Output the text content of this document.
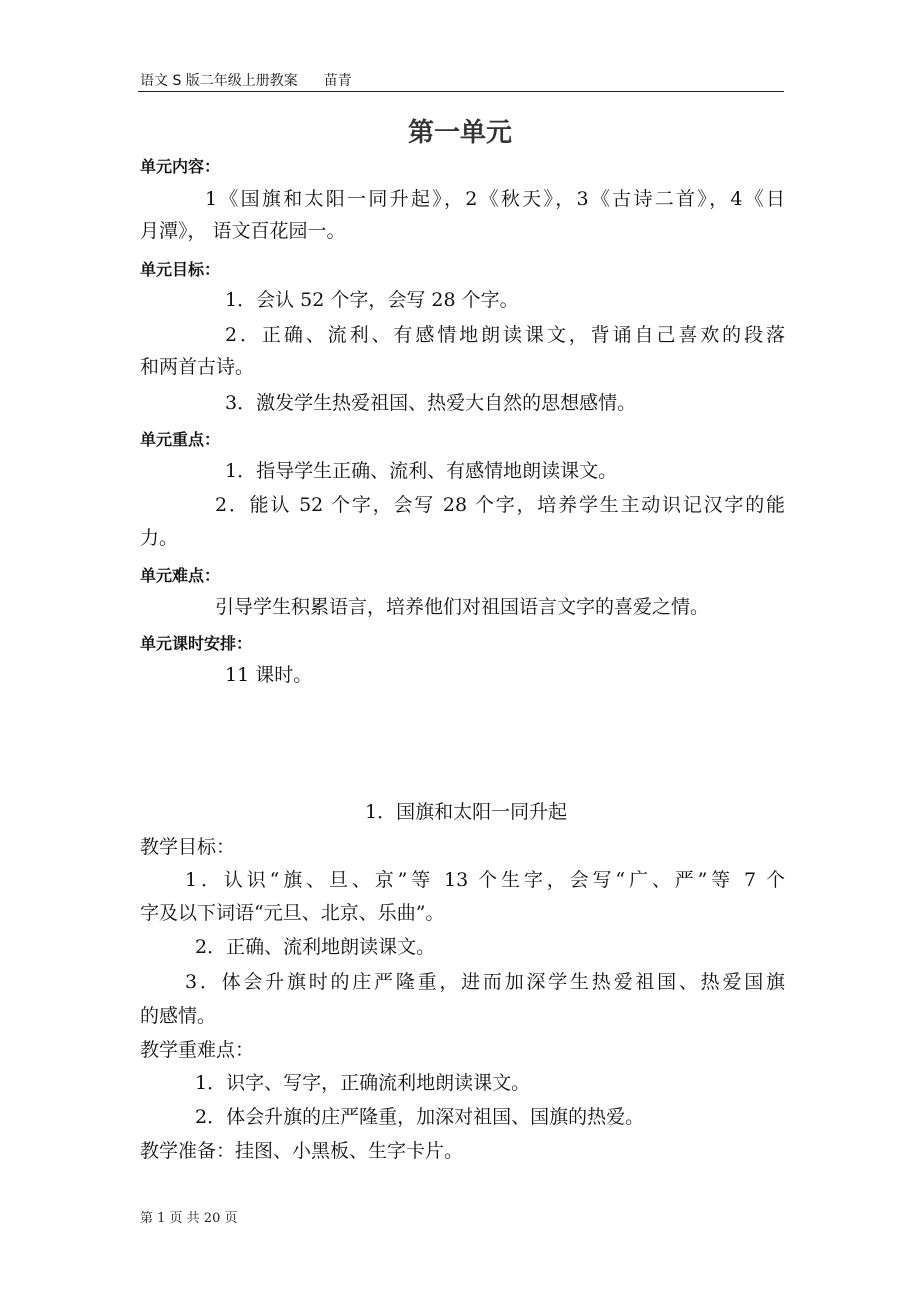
语文 S 版二年级上册教案 苗青
第一单元
单元内容：
1《国旗和太阳一同升起》，2《秋天》，3《古诗二首》，4《日
月潭》， 语文百花园一。
单元目标：
1．会认 52 个字，会写 28 个字。
2．正确、流利、有感情地朗读课文，背诵自己喜欢的段落
和两首古诗。
3．激发学生热爱祖国、热爱大自然的思想感情。
单元重点：
1．指导学生正确、流利、有感情地朗读课文。
2．能认 52 个字，会写 28 个字，培养学生主动识记汉字的能
力。
单元难点：
引导学生积累语言，培养他们对祖国语言文字的喜爱之情。
单元课时安排：
11 课时。
1．国旗和太阳一同升起
教学目标：
1．认识“旗、旦、京”等 13 个生字，会写“广、严”等 7 个
字及以下词语“元旦、北京、乐曲”。
2．正确、流利地朗读课文。
3．体会升旗时的庄严隆重，进而加深学生热爱祖国、热爱国旗
的感情。
教学重难点：
1．识字、写字，正确流利地朗读课文。
2．体会升旗的庄严隆重，加深对祖国、国旗的热爱。
教学准备：挂图、小黑板、生字卡片。
第 1 页 共 20 页
